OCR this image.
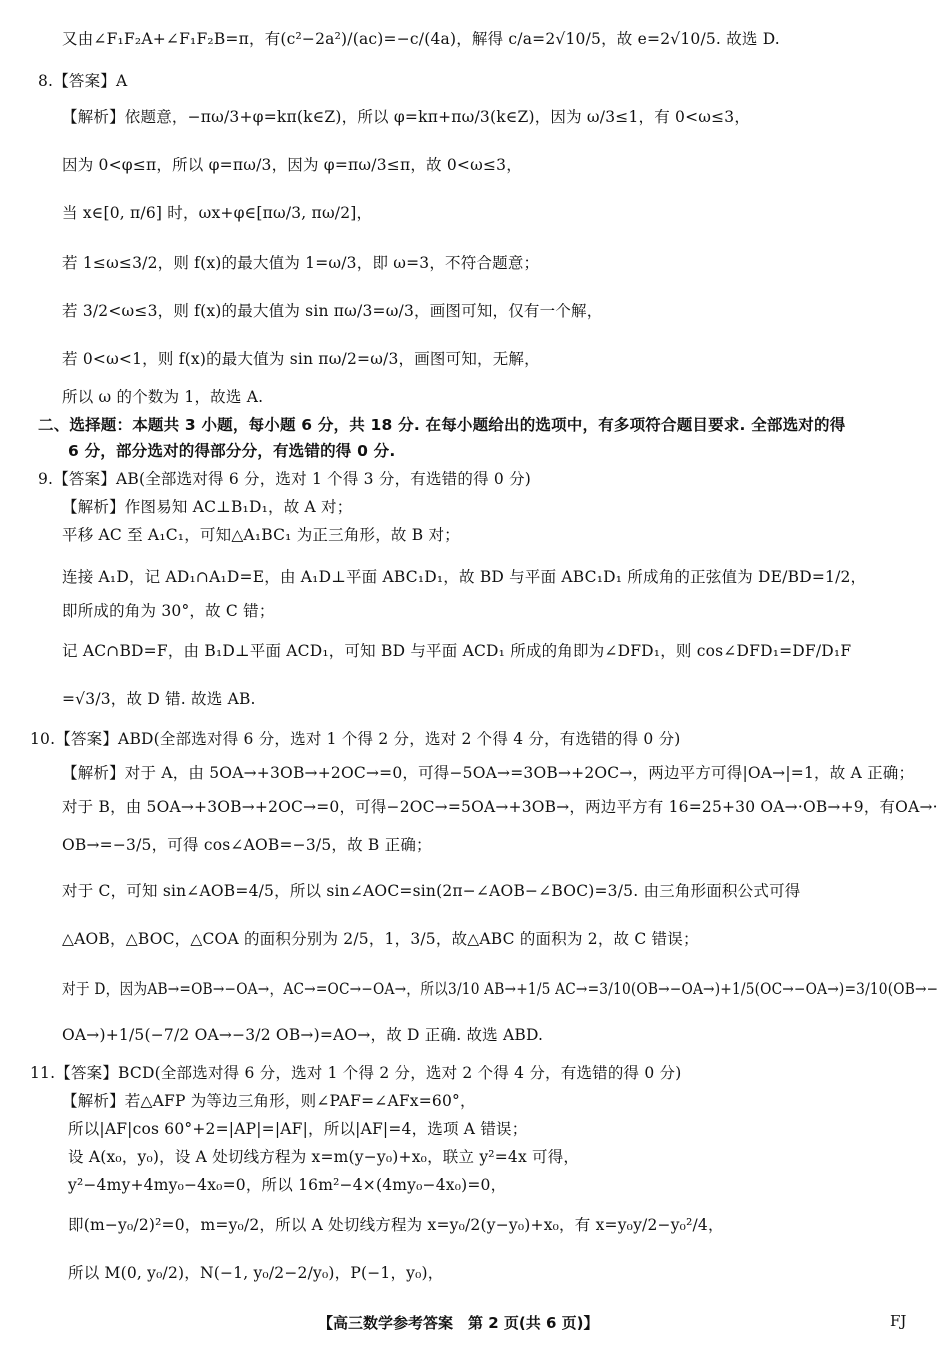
又由∠F₁F₂A+∠F₁F₂B=π，有(c²−2a²)/(ac)=−c/(4a)，解得 c/a=2√10/5，故 e=2√10/5. 故选 D.
8.【答案】A
【解析】依题意，−πω/3+φ=kπ(k∈Z)，所以 φ=kπ+πω/3(k∈Z)，因为 ω/3≤1，有 0<ω≤3，
因为 0<φ≤π，所以 φ=πω/3，因为 φ=πω/3≤π，故 0<ω≤3，
当 x∈[0, π/6] 时，ωx+φ∈[πω/3, πω/2]，
若 1≤ω≤3/2，则 f(x)的最大值为 1=ω/3，即 ω=3，不符合题意；
若 3/2<ω≤3，则 f(x)的最大值为 sin πω/3=ω/3，画图可知，仅有一个解，
若 0<ω<1，则 f(x)的最大值为 sin πω/2=ω/3，画图可知，无解，
所以 ω 的个数为 1，故选 A.
二、选择题：本题共 3 小题，每小题 6 分，共 18 分. 在每小题给出的选项中，有多项符合题目要求. 全部选对的得
6 分，部分选对的得部分分，有选错的得 0 分.
9.【答案】AB(全部选对得 6 分，选对 1 个得 3 分，有选错的得 0 分)
【解析】作图易知 AC⊥B₁D₁，故 A 对；
平移 AC 至 A₁C₁，可知△A₁BC₁ 为正三角形，故 B 对；
连接 A₁D，记 AD₁∩A₁D=E，由 A₁D⊥平面 ABC₁D₁，故 BD 与平面 ABC₁D₁ 所成角的正弦值为 DE/BD=1/2，
即所成的角为 30°，故 C 错；
记 AC∩BD=F，由 B₁D⊥平面 ACD₁，可知 BD 与平面 ACD₁ 所成的角即为∠DFD₁，则 cos∠DFD₁=DF/D₁F
=√3/3，故 D 错. 故选 AB.
10.【答案】ABD(全部选对得 6 分，选对 1 个得 2 分，选对 2 个得 4 分，有选错的得 0 分)
【解析】对于 A，由 5OA→+3OB→+2OC→=0，可得−5OA→=3OB→+2OC→，两边平方可得|OA→|=1，故 A 正确；
对于 B，由 5OA→+3OB→+2OC→=0，可得−2OC→=5OA→+3OB→，两边平方有 16=25+30 OA→·OB→+9，有OA→·
OB→=−3/5，可得 cos∠AOB=−3/5，故 B 正确；
对于 C，可知 sin∠AOB=4/5，所以 sin∠AOC=sin(2π−∠AOB−∠BOC)=3/5. 由三角形面积公式可得
△AOB，△BOC，△COA 的面积分别为 2/5，1，3/5，故△ABC 的面积为 2，故 C 错误；
对于 D，因为AB→=OB→−OA→，AC→=OC→−OA→，所以3/10 AB→+1/5 AC→=3/10(OB→−OA→)+1/5(OC→−OA→)=3/10(OB→−
OA→)+1/5(−7/2 OA→−3/2 OB→)=AO→，故 D 正确. 故选 ABD.
11.【答案】BCD(全部选对得 6 分，选对 1 个得 2 分，选对 2 个得 4 分，有选错的得 0 分)
【解析】若△AFP 为等边三角形，则∠PAF=∠AFx=60°，
所以|AF|cos 60°+2=|AP|=|AF|，所以|AF|=4，选项 A 错误；
设 A(x₀，y₀)，设 A 处切线方程为 x=m(y−y₀)+x₀，联立 y²=4x 可得，
y²−4my+4my₀−4x₀=0，所以 16m²−4×(4my₀−4x₀)=0，
即(m−y₀/2)²=0，m=y₀/2，所以 A 处切线方程为 x=y₀/2(y−y₀)+x₀，有 x=y₀y/2−y₀²/4，
所以 M(0, y₀/2)，N(−1, y₀/2−2/y₀)，P(−1，y₀)，
【高三数学参考答案　第 2 页(共 6 页)】	FJ
